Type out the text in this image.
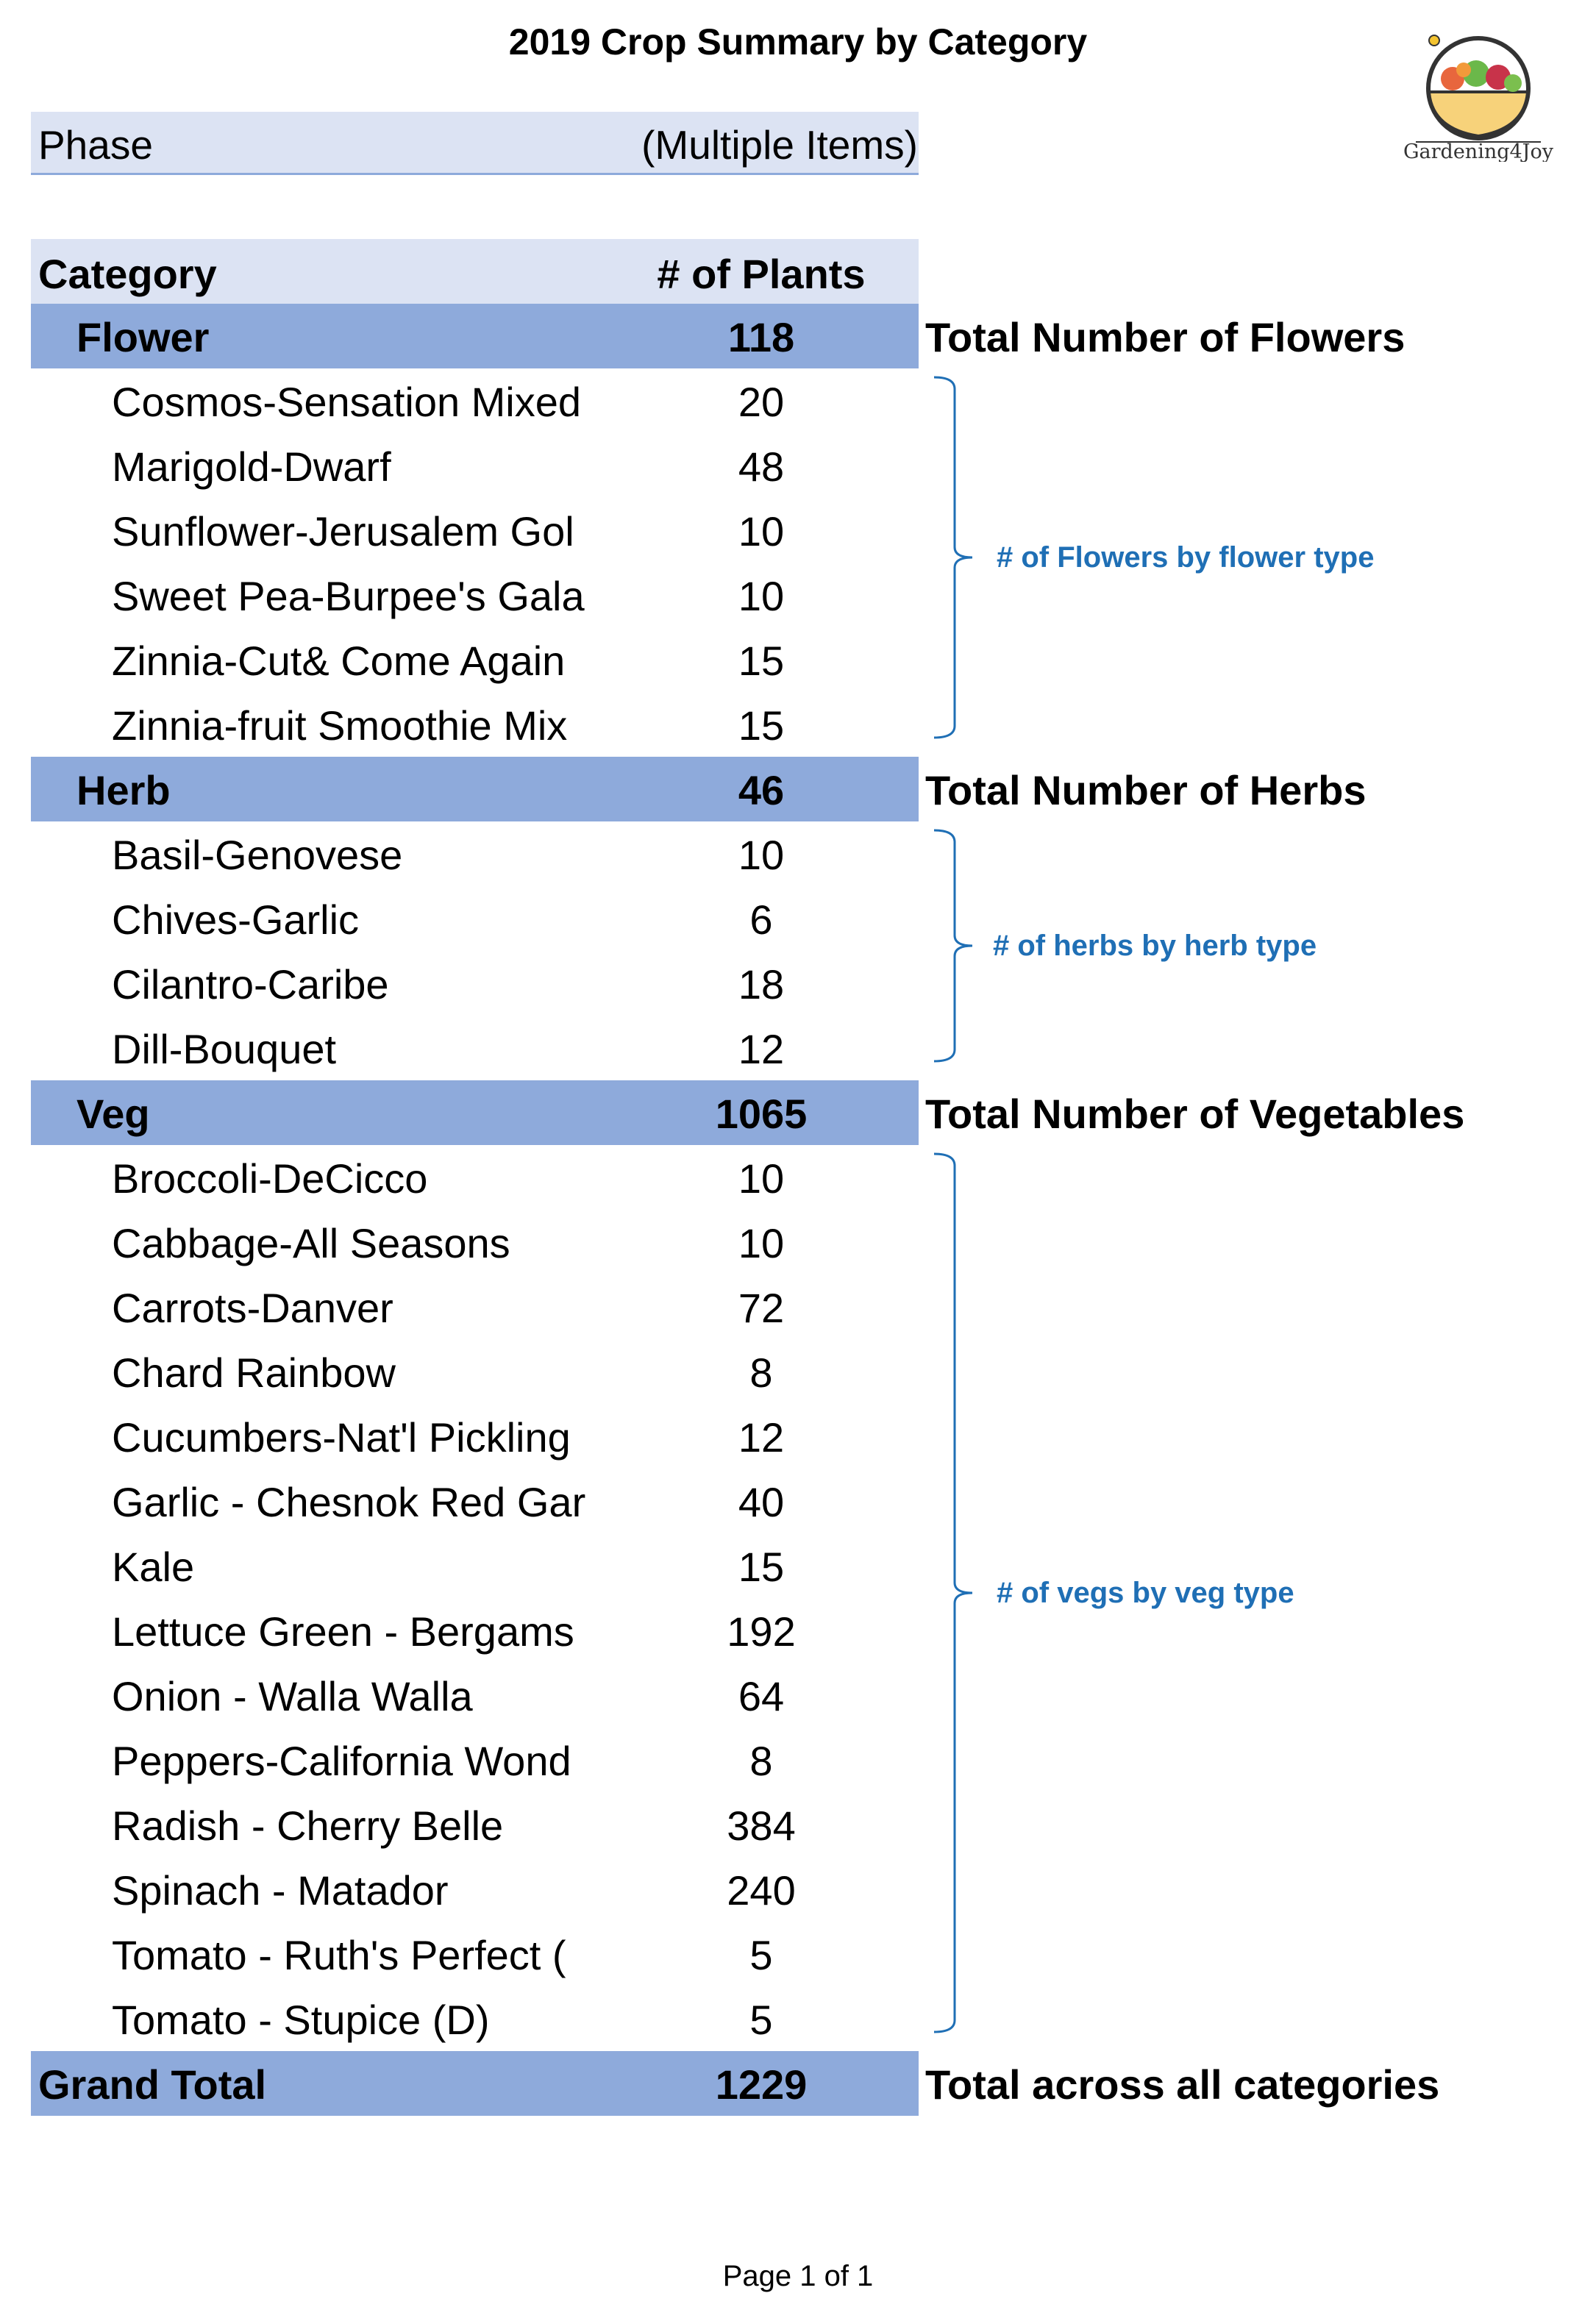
2019 Crop Summary by Category
Gardening4Joy
Phase	(Multiple Items)
Category	# of Plants
Flower	118	Total Number of Flowers
Cosmos-Sensation Mixed	20
Marigold-Dwarf	48
Sunflower-Jerusalem Gol	10
Sweet Pea-Burpee's Gala	10
Zinnia-Cut& Come Again	15
Zinnia-fruit Smoothie Mix	15
# of Flowers by flower type
Herb	46	Total Number of Herbs
Basil-Genovese	10
Chives-Garlic	6
Cilantro-Caribe	18
Dill-Bouquet	12
# of herbs by herb type
Veg	1065	Total Number of Vegetables
Broccoli-DeCicco	10
Cabbage-All Seasons	10
Carrots-Danver	72
Chard Rainbow	8
Cucumbers-Nat'l Pickling	12
Garlic - Chesnok Red Gar	40
Kale	15
Lettuce Green - Bergams	192
Onion - Walla Walla	64
Peppers-California Wond	8
Radish - Cherry Belle	384
Spinach - Matador	240
Tomato - Ruth's Perfect (	5
Tomato - Stupice (D)	5
# of vegs by veg type
Grand Total	1229	Total across all categories
Page 1 of 1
